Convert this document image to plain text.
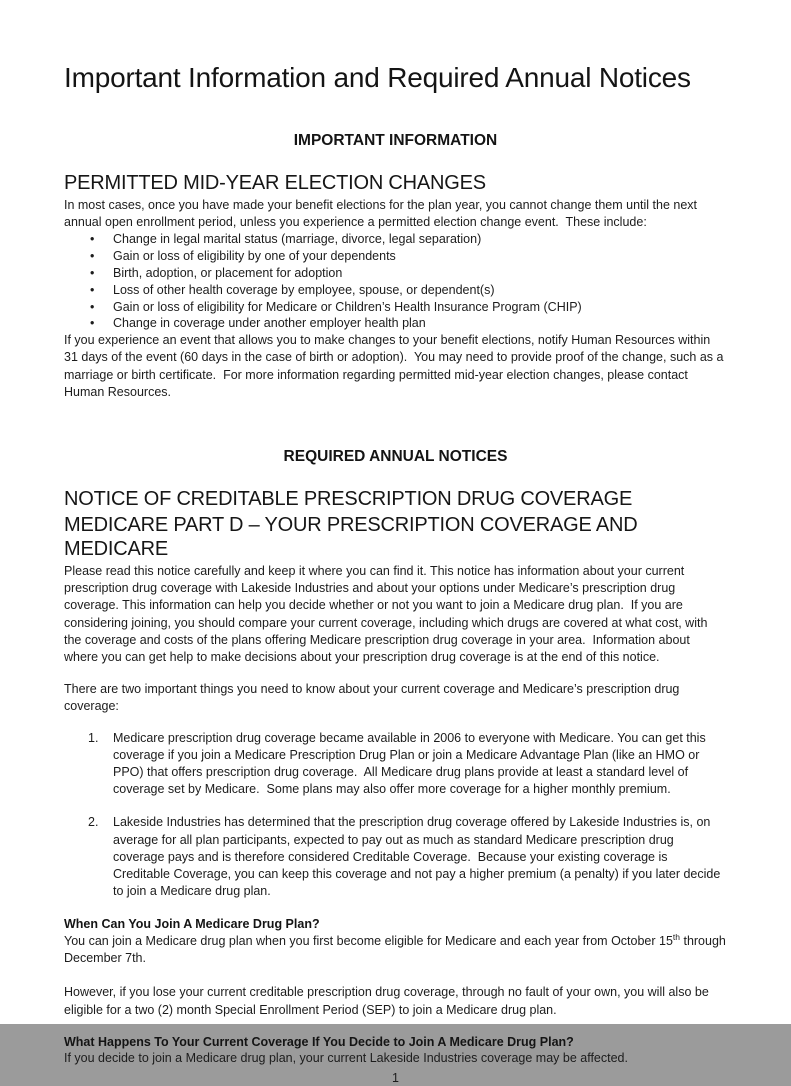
Important Information and Required Annual Notices

IMPORTANT INFORMATION

PERMITTED MID-YEAR ELECTION CHANGES

In most cases, once you have made your benefit elections for the plan year, you cannot change them until the next annual open enrollment period, unless you experience a permitted election change event.  These include:

• Change in legal marital status (marriage, divorce, legal separation)
• Gain or loss of eligibility by one of your dependents
• Birth, adoption, or placement for adoption
• Loss of other health coverage by employee, spouse, or dependent(s)
• Gain or loss of eligibility for Medicare or Children’s Health Insurance Program (CHIP)
• Change in coverage under another employer health plan

If you experience an event that allows you to make changes to your benefit elections, notify Human Resources within 31 days of the event (60 days in the case of birth or adoption).  You may need to provide proof of the change, such as a marriage or birth certificate.  For more information regarding permitted mid-year election changes, please contact Human Resources.

REQUIRED ANNUAL NOTICES

NOTICE OF CREDITABLE PRESCRIPTION DRUG COVERAGE
MEDICARE PART D – YOUR PRESCRIPTION COVERAGE AND MEDICARE

Please read this notice carefully and keep it where you can find it. This notice has information about your current prescription drug coverage with Lakeside Industries and about your options under Medicare’s prescription drug coverage. This information can help you decide whether or not you want to join a Medicare drug plan.  If you are considering joining, you should compare your current coverage, including which drugs are covered at what cost, with the coverage and costs of the plans offering Medicare prescription drug coverage in your area.  Information about where you can get help to make decisions about your prescription drug coverage is at the end of this notice.

There are two important things you need to know about your current coverage and Medicare’s prescription drug coverage:

Medicare prescription drug coverage became available in 2006 to everyone with Medicare. You can get this coverage if you join a Medicare Prescription Drug Plan or join a Medicare Advantage Plan (like an HMO or PPO) that offers prescription drug coverage.  All Medicare drug plans provide at least a standard level of coverage set by Medicare.  Some plans may also offer more coverage for a higher monthly premium.
Lakeside Industries has determined that the prescription drug coverage offered by Lakeside Industries is, on average for all plan participants, expected to pay out as much as standard Medicare prescription drug coverage pays and is therefore considered Creditable Coverage.  Because your existing coverage is Creditable Coverage, you can keep this coverage and not pay a higher premium (a penalty) if you later decide to join a Medicare drug plan.

When Can You Join A Medicare Drug Plan?

You can join a Medicare drug plan when you first become eligible for Medicare and each year from October 15th through December 7th.

However, if you lose your current creditable prescription drug coverage, through no fault of your own, you will also be eligible for a two (2) month Special Enrollment Period (SEP) to join a Medicare drug plan.

What Happens To Your Current Coverage If You Decide to Join A Medicare Drug Plan?

If you decide to join a Medicare drug plan, your current Lakeside Industries coverage may be affected.

1
